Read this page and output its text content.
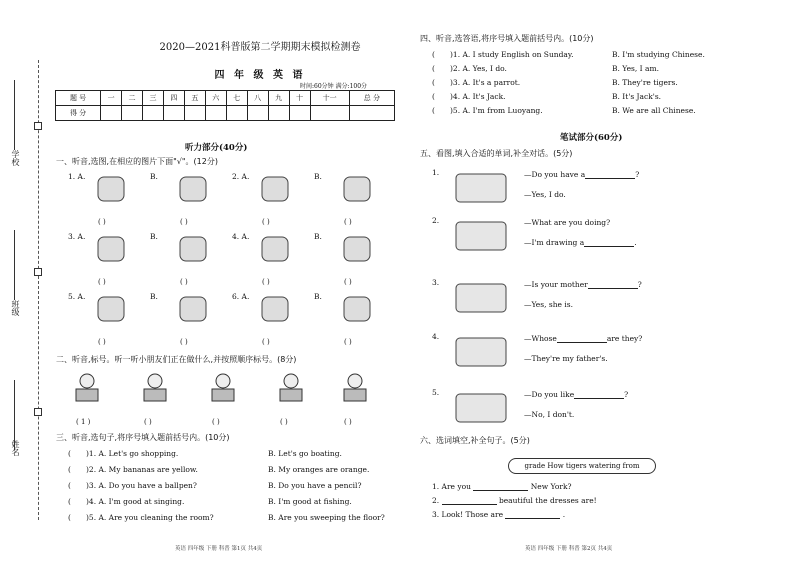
学校
班级
姓名
2020—2021科普版第二学期期末模拟检测卷
四 年 级 英 语
时间:60分钟 满分:100分
题 号	一	二	三	四	五	六	七	八	九	十	十一	总 分
得 分												
听力部分(40分)
一、听音,选图,在相应的图片下面"√"。(12分)
1. A.
( )
B.
( )
2. A.
( )
B.
( )
3. A.
( )
B.
( )
4. A.
( )
B.
( )
5. A.
( )
B.
( )
6. A.
( )
B.
( )
二、听音,标号。听一听小朋友们正在做什么,并按照顺序标号。(8分)
( 1 )	( )	( )	( )	( )
三、听音,选句子,将序号填入题前括号内。(10分)
( )1. A. Let's go shopping.	B. Let's go boating.
( )2. A. My bananas are yellow.	B. My oranges are orange.
( )3. A. Do you have a ballpen?	B. Do you have a pencil?
( )4. A. I'm good at singing.	B. I'm good at fishing.
( )5. A. Are you cleaning the room?	B. Are you sweeping the floor?
英语 四年级 下册 科普 第1页 共4页
四、听音,选答语,将序号填入题前括号内。(10分)
( )1. A. I study English on Sunday.	B. I'm studying Chinese.
( )2. A. Yes, I do.	B. Yes, I am.
( )3. A. It's a parrot.	B. They're tigers.
( )4. A. It's Jack.	B. It's Jack's.
( )5. A. I'm from Luoyang.	B. We are all Chinese.
笔试部分(60分)
五、看图,填入合适的单词,补全对话。(5分)
1.	—Do you have a	?
—Yes, I do.
2.	—What are you doing?
—I'm drawing a	.
3.	—Is your mother	?
—Yes, she is.
4.	—Whose	are they?
—They're my father's.
5.	—Do you like	?
—No, I don't.
六、选词填空,补全句子。(5分)
grade How tigers watering from
1. Are you	New York?
2.	beautiful the dresses are!
3. Look! Those are	.
英语 四年级 下册 科普 第2页 共4页
